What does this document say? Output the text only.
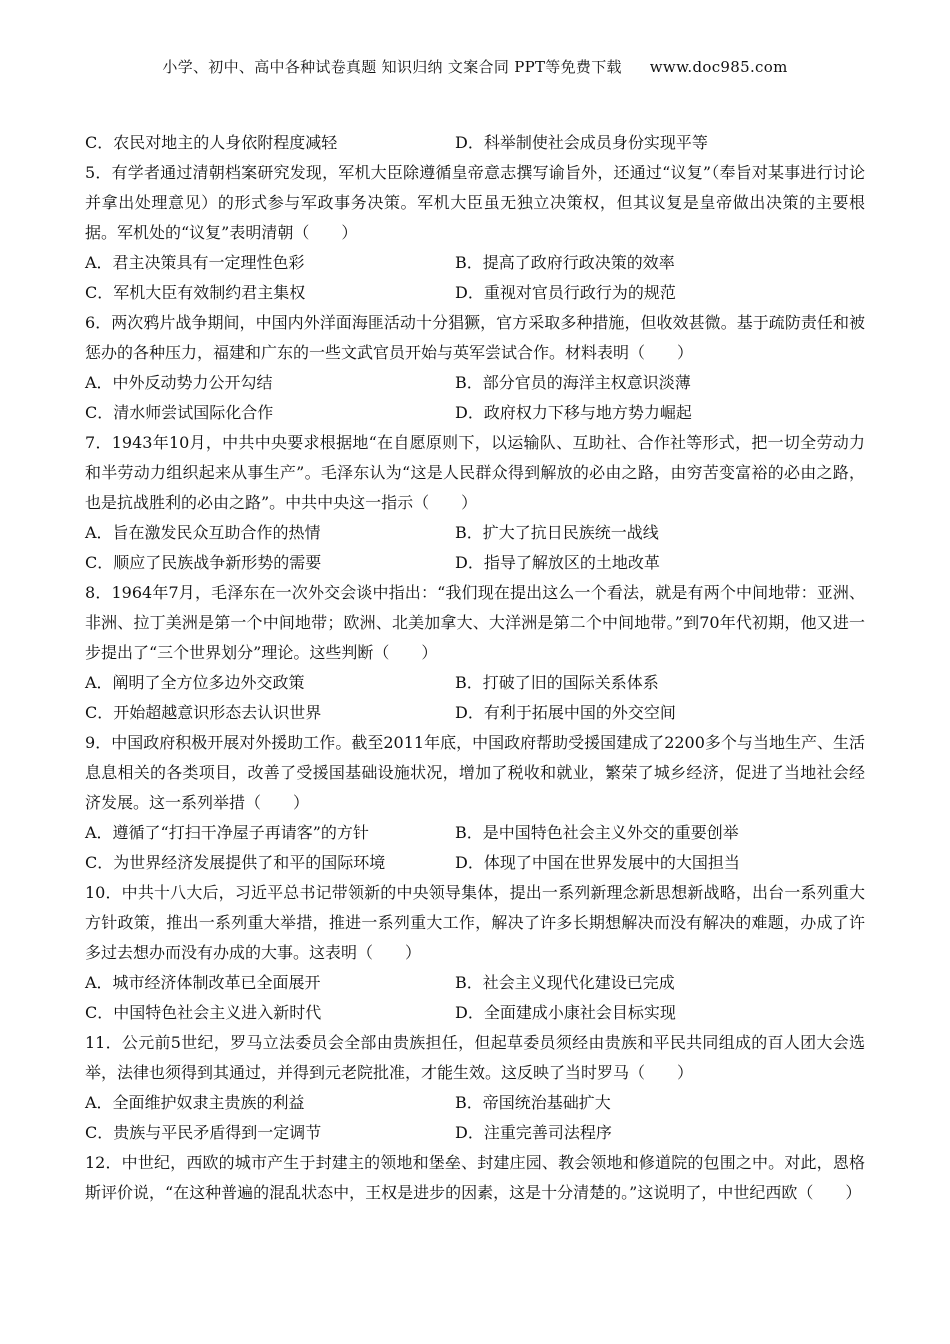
小学、初中、高中各种试卷真题 知识归纳 文案合同 PPT等免费下载 www.doc985.com
C．农民对地主的人身依附程度减轻	D．科举制使社会成员身份实现平等
5．有学者通过清朝档案研究发现，军机大臣除遵循皇帝意志撰写谕旨外，还通过“议复”（奉旨对某事进行讨论并拿出处理意见）的形式参与军政事务决策。军机大臣虽无独立决策权，但其议复是皇帝做出决策的主要根据。军机处的“议复”表明清朝（　　）
A．君主决策具有一定理性色彩	B．提高了政府行政决策的效率
C．军机大臣有效制约君主集权	D．重视对官员行政行为的规范
6．两次鸦片战争期间，中国内外洋面海匪活动十分猖獗，官方采取多种措施，但收效甚微。基于疏防责任和被惩办的各种压力，福建和广东的一些文武官员开始与英军尝试合作。材料表明（　　）
A．中外反动势力公开勾结	B．部分官员的海洋主权意识淡薄
C．清水师尝试国际化合作	D．政府权力下移与地方势力崛起
7．1943年10月，中共中央要求根据地“在自愿原则下，以运输队、互助社、合作社等形式，把一切全劳动力和半劳动力组织起来从事生产”。毛泽东认为“这是人民群众得到解放的必由之路，由穷苦变富裕的必由之路，也是抗战胜利的必由之路”。中共中央这一指示（　　）
A．旨在激发民众互助合作的热情	B．扩大了抗日民族统一战线
C．顺应了民族战争新形势的需要	D．指导了解放区的土地改革
8．1964年7月，毛泽东在一次外交会谈中指出：“我们现在提出这么一个看法，就是有两个中间地带：亚洲、非洲、拉丁美洲是第一个中间地带；欧洲、北美加拿大、大洋洲是第二个中间地带。”到70年代初期，他又进一步提出了“三个世界划分”理论。这些判断（　　）
A．阐明了全方位多边外交政策	B．打破了旧的国际关系体系
C．开始超越意识形态去认识世界	D．有利于拓展中国的外交空间
9．中国政府积极开展对外援助工作。截至2011年底，中国政府帮助受援国建成了2200多个与当地生产、生活息息相关的各类项目，改善了受援国基础设施状况，增加了税收和就业，繁荣了城乡经济，促进了当地社会经济发展。这一系列举措（　　）
A．遵循了“打扫干净屋子再请客”的方针	B．是中国特色社会主义外交的重要创举
C．为世界经济发展提供了和平的国际环境	D．体现了中国在世界发展中的大国担当
10．中共十八大后，习近平总书记带领新的中央领导集体，提出一系列新理念新思想新战略，出台一系列重大方针政策，推出一系列重大举措，推进一系列重大工作，解决了许多长期想解决而没有解决的难题，办成了许多过去想办而没有办成的大事。这表明（　　）
A．城市经济体制改革已全面展开	B．社会主义现代化建设已完成
C．中国特色社会主义进入新时代	D．全面建成小康社会目标实现
11．公元前5世纪，罗马立法委员会全部由贵族担任，但起草委员须经由贵族和平民共同组成的百人团大会选举，法律也须得到其通过，并得到元老院批准，才能生效。这反映了当时罗马（　　）
A．全面维护奴隶主贵族的利益	B．帝国统治基础扩大
C．贵族与平民矛盾得到一定调节	D．注重完善司法程序
12．中世纪，西欧的城市产生于封建主的领地和堡垒、封建庄园、教会领地和修道院的包围之中。对此，恩格斯评价说，“在这种普遍的混乱状态中，王权是进步的因素，这是十分清楚的。”这说明了，中世纪西欧（　　）
